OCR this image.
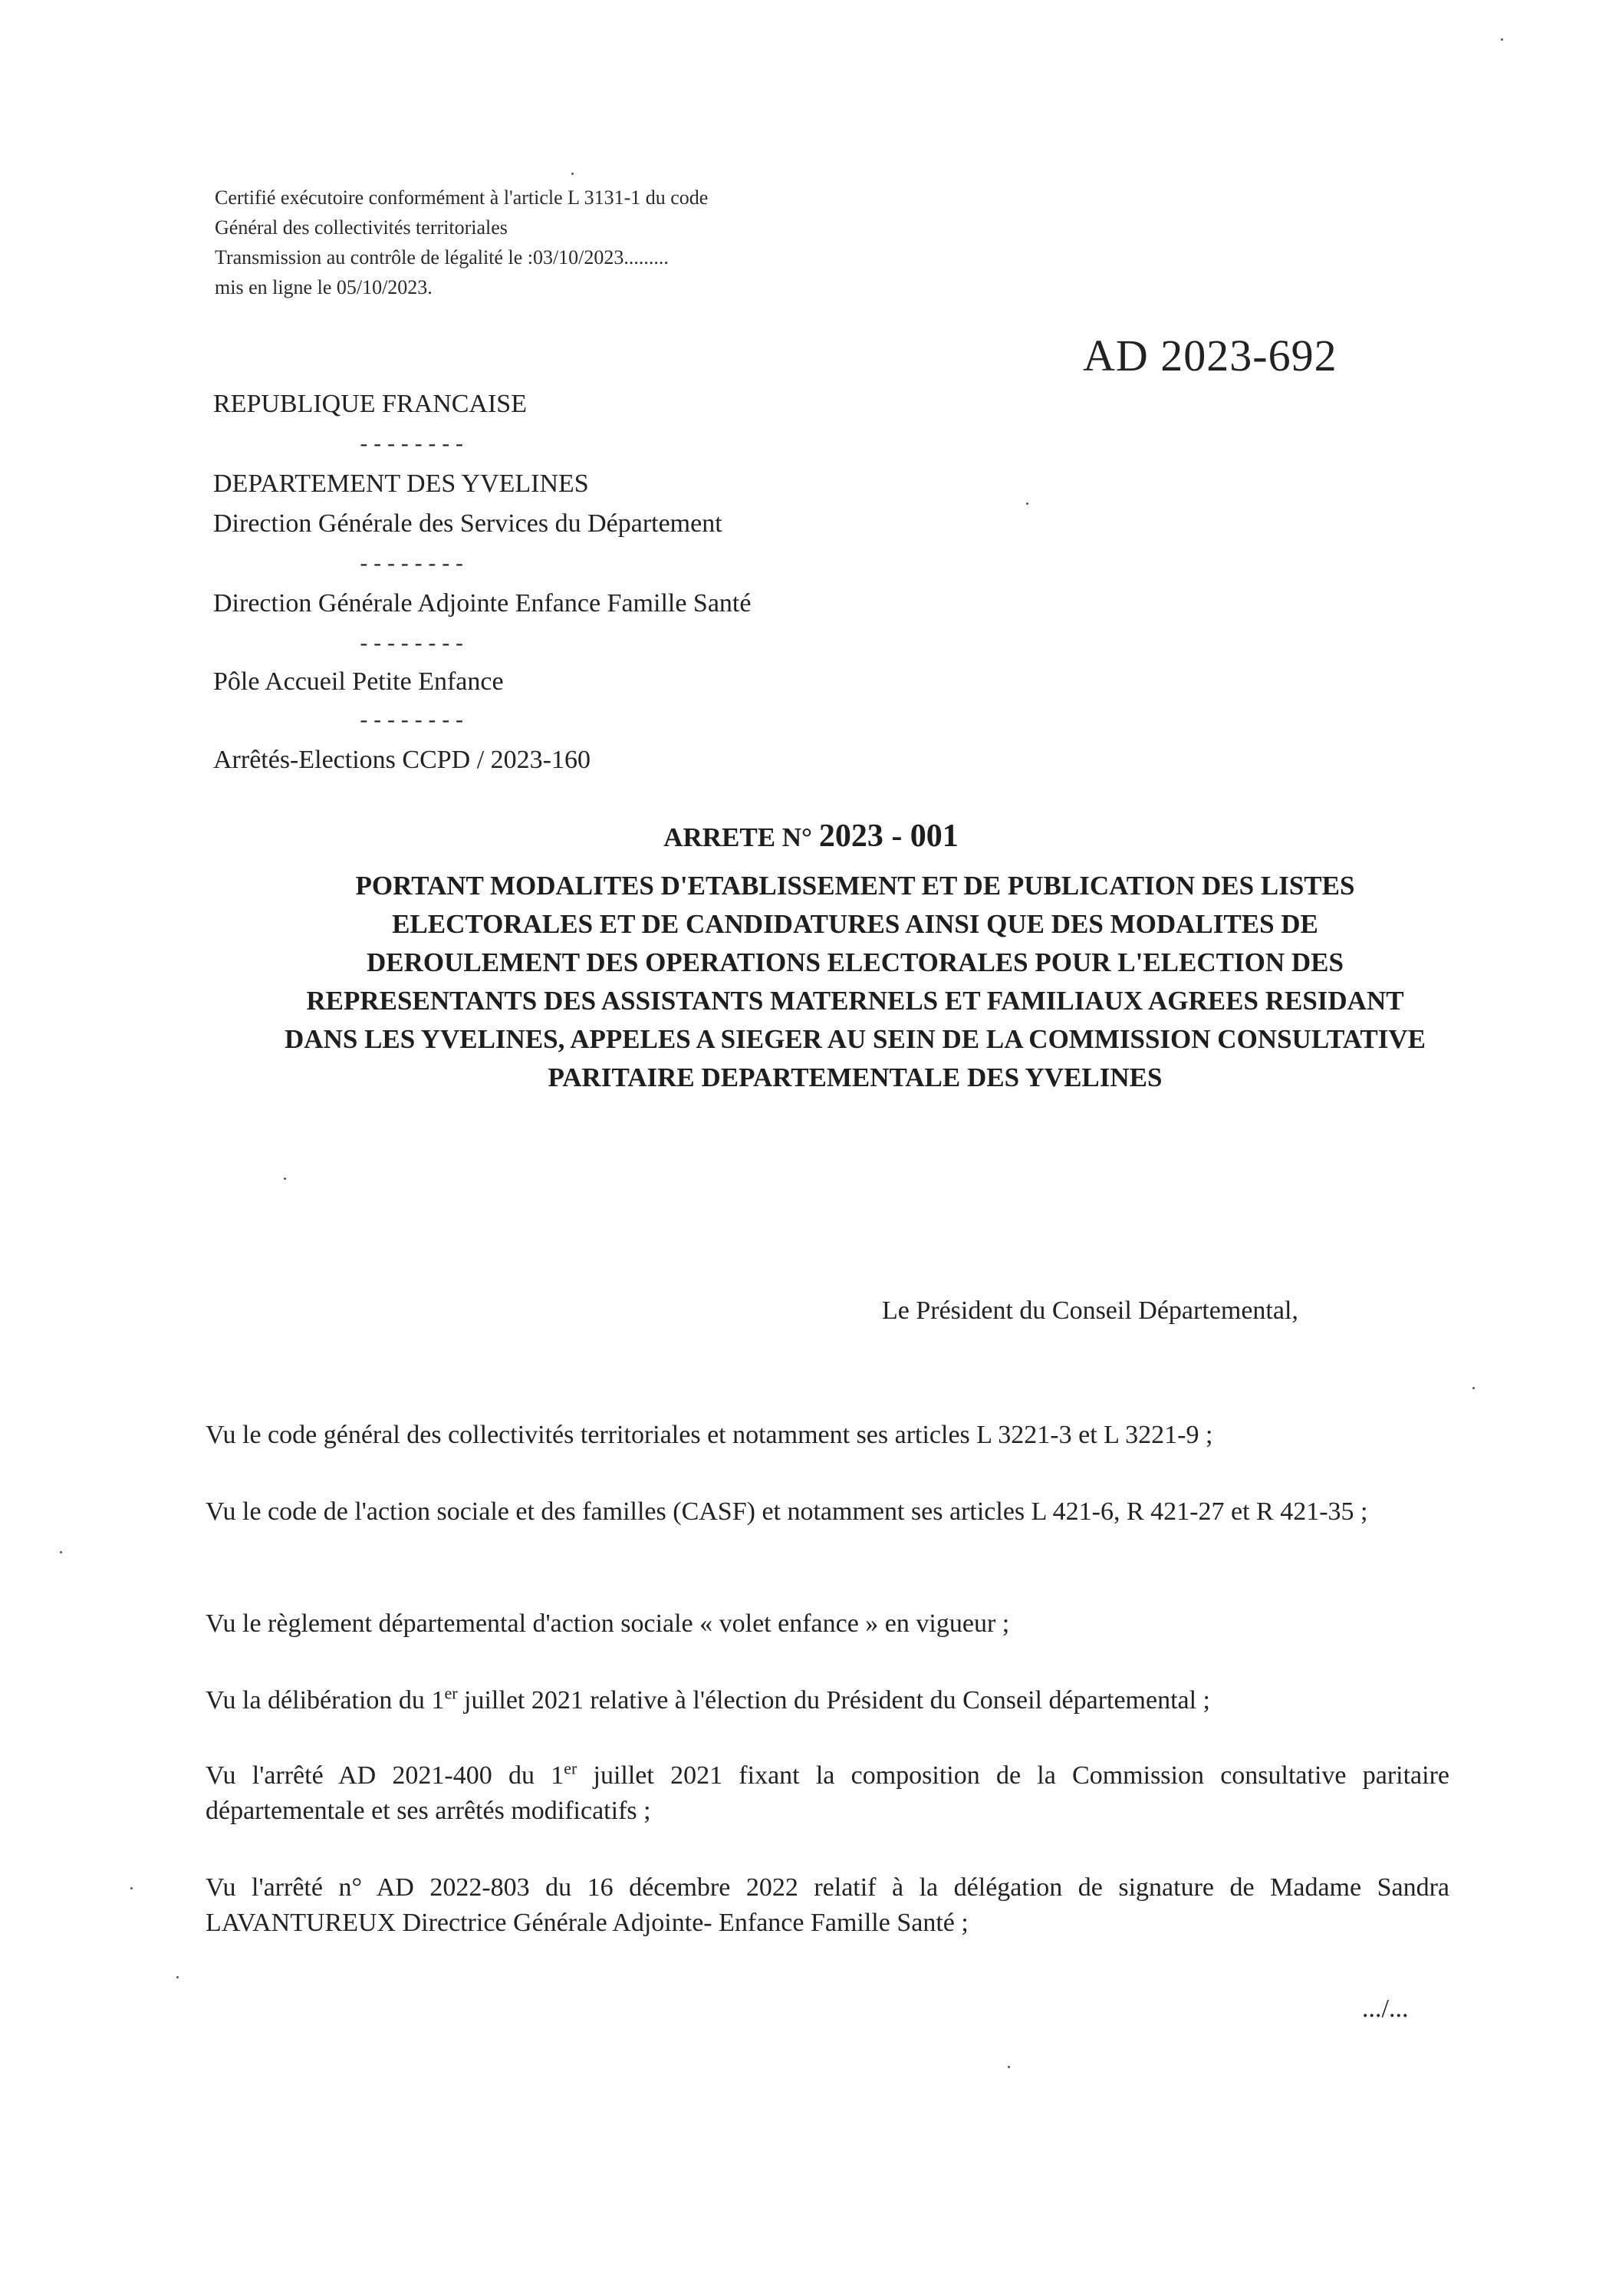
Certifié exécutoire conformément à l'article L 3131-1 du code
Général des collectivités territoriales
Transmission au contrôle de légalité le :03/10/2023.........
mis en ligne le 05/10/2023.
AD 2023-692
REPUBLIQUE FRANCAISE
--------
DEPARTEMENT DES YVELINES
Direction Générale des Services du Département
--------
Direction Générale Adjointe Enfance Famille Santé
--------
Pôle Accueil Petite Enfance
--------
Arrêtés-Elections CCPD / 2023-160
ARRETE N° 2023 - 001
PORTANT MODALITES D'ETABLISSEMENT ET DE PUBLICATION DES LISTES ELECTORALES ET DE CANDIDATURES AINSI QUE DES MODALITES DE DEROULEMENT DES OPERATIONS ELECTORALES POUR L'ELECTION DES REPRESENTANTS DES ASSISTANTS MATERNELS ET FAMILIAUX AGREES RESIDANT DANS LES YVELINES, APPELES A SIEGER AU SEIN DE LA COMMISSION CONSULTATIVE PARITAIRE DEPARTEMENTALE DES YVELINES
Le Président du Conseil Départemental,
Vu le code général des collectivités territoriales et notamment ses articles L 3221-3 et L 3221-9 ;
Vu le code de l'action sociale et des familles (CASF) et notamment ses articles L 421-6, R 421-27 et R 421-35 ;
Vu le règlement départemental d'action sociale « volet enfance » en vigueur ;
Vu la délibération du 1er juillet 2021 relative à l'élection du Président du Conseil départemental ;
Vu l'arrêté AD 2021-400 du 1er juillet 2021 fixant la composition de la Commission consultative paritaire départementale et ses arrêtés modificatifs ;
Vu l'arrêté n° AD 2022-803 du 16 décembre 2022 relatif à la délégation de signature de Madame Sandra LAVANTUREUX Directrice Générale Adjointe- Enfance Famille Santé ;
.../...
